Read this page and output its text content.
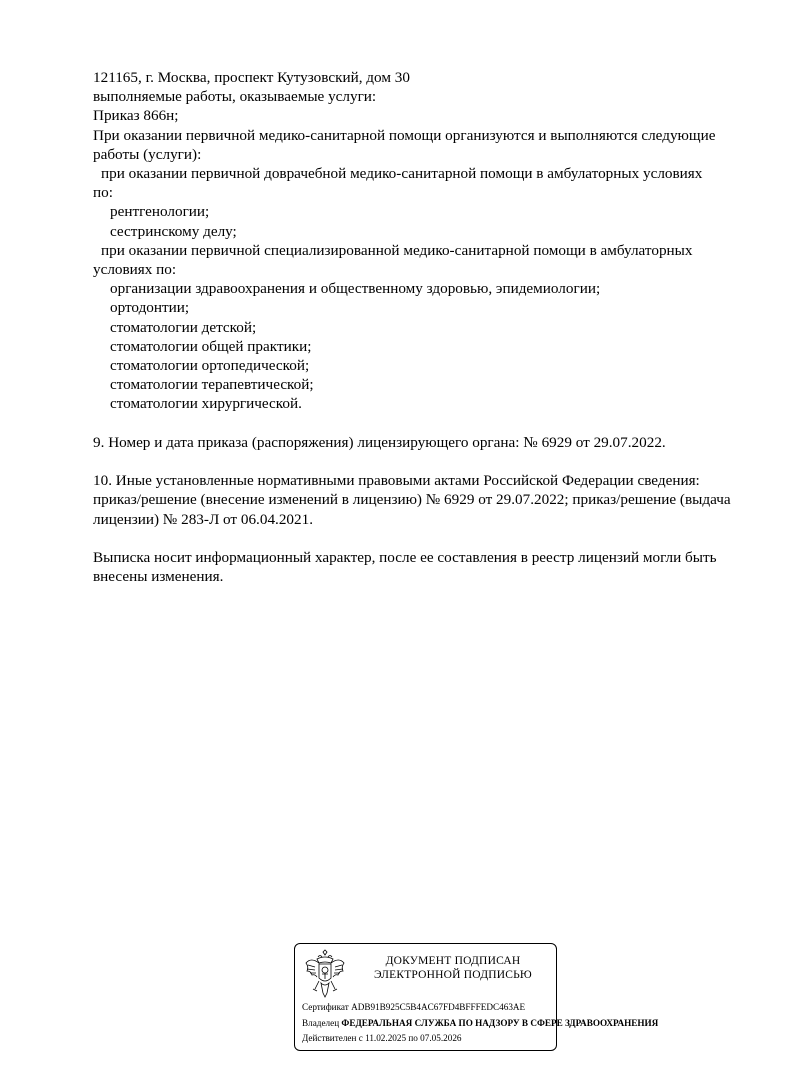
121165, г. Москва, проспект Кутузовский, дом 30
выполняемые работы, оказываемые услуги:
Приказ 866н;
При оказании первичной медико-санитарной помощи организуются и выполняются следующие
работы (услуги):
при оказании первичной доврачебной медико-санитарной помощи в амбулаторных условиях
по:
рентгенологии;
сестринскому делу;
при оказании первичной специализированной медико-санитарной помощи в амбулаторных
условиях по:
организации здравоохранения и общественному здоровью, эпидемиологии;
ортодонтии;
стоматологии детской;
стоматологии общей практики;
стоматологии ортопедической;
стоматологии терапевтической;
стоматологии хирургической.
9. Номер и дата приказа (распоряжения) лицензирующего органа: № 6929 от 29.07.2022.
10. Иные установленные нормативными правовыми актами Российской Федерации сведения:
приказ/решение (внесение изменений в лицензию) № 6929 от 29.07.2022; приказ/решение (выдача
лицензии) № 283-Л от 06.04.2021.
Выписка носит информационный характер, после ее составления в реестр лицензий могли быть
внесены изменения.
ДОКУМЕНТ ПОДПИСАН
ЭЛЕКТРОННОЙ ПОДПИСЬЮ
Сертификат ADB91B925C5B4AC67FD4BFFFEDC463AE
Владелец ФЕДЕРАЛЬНАЯ СЛУЖБА ПО НАДЗОРУ В СФЕРЕ ЗДРАВООХРАНЕНИЯ
Действителен с 11.02.2025 по 07.05.2026
